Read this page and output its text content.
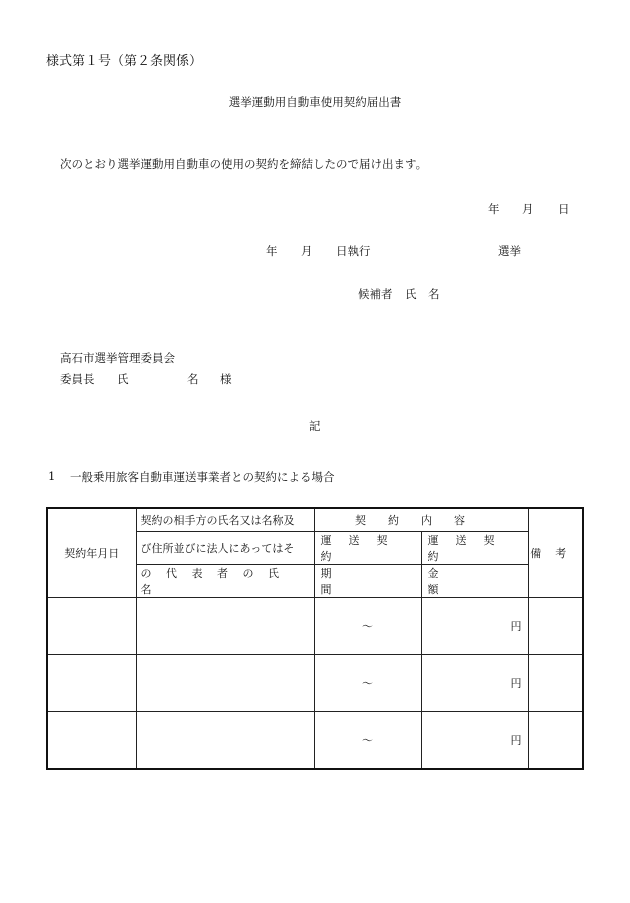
様式第１号（第２条関係）
選挙運動用自動車使用契約届出書
次のとおり選挙運動用自動車の使用の契約を締結したので届け出ます。
年 月 日
年 月 日執行	選挙
候補者 氏 名
高石市選挙管理委員会
委員長 氏	名 様
記
1 一般乗用旅客自動車運送事業者との契約による場合
契約年月日	契約の相手方の氏名又は名称及	契約内容		備考

	び住所並びに法人にあってはそ	運送契約	運送契約	

	の代表者の氏名	期間	金額	

		～	円	
		～	円	
		～	円	
